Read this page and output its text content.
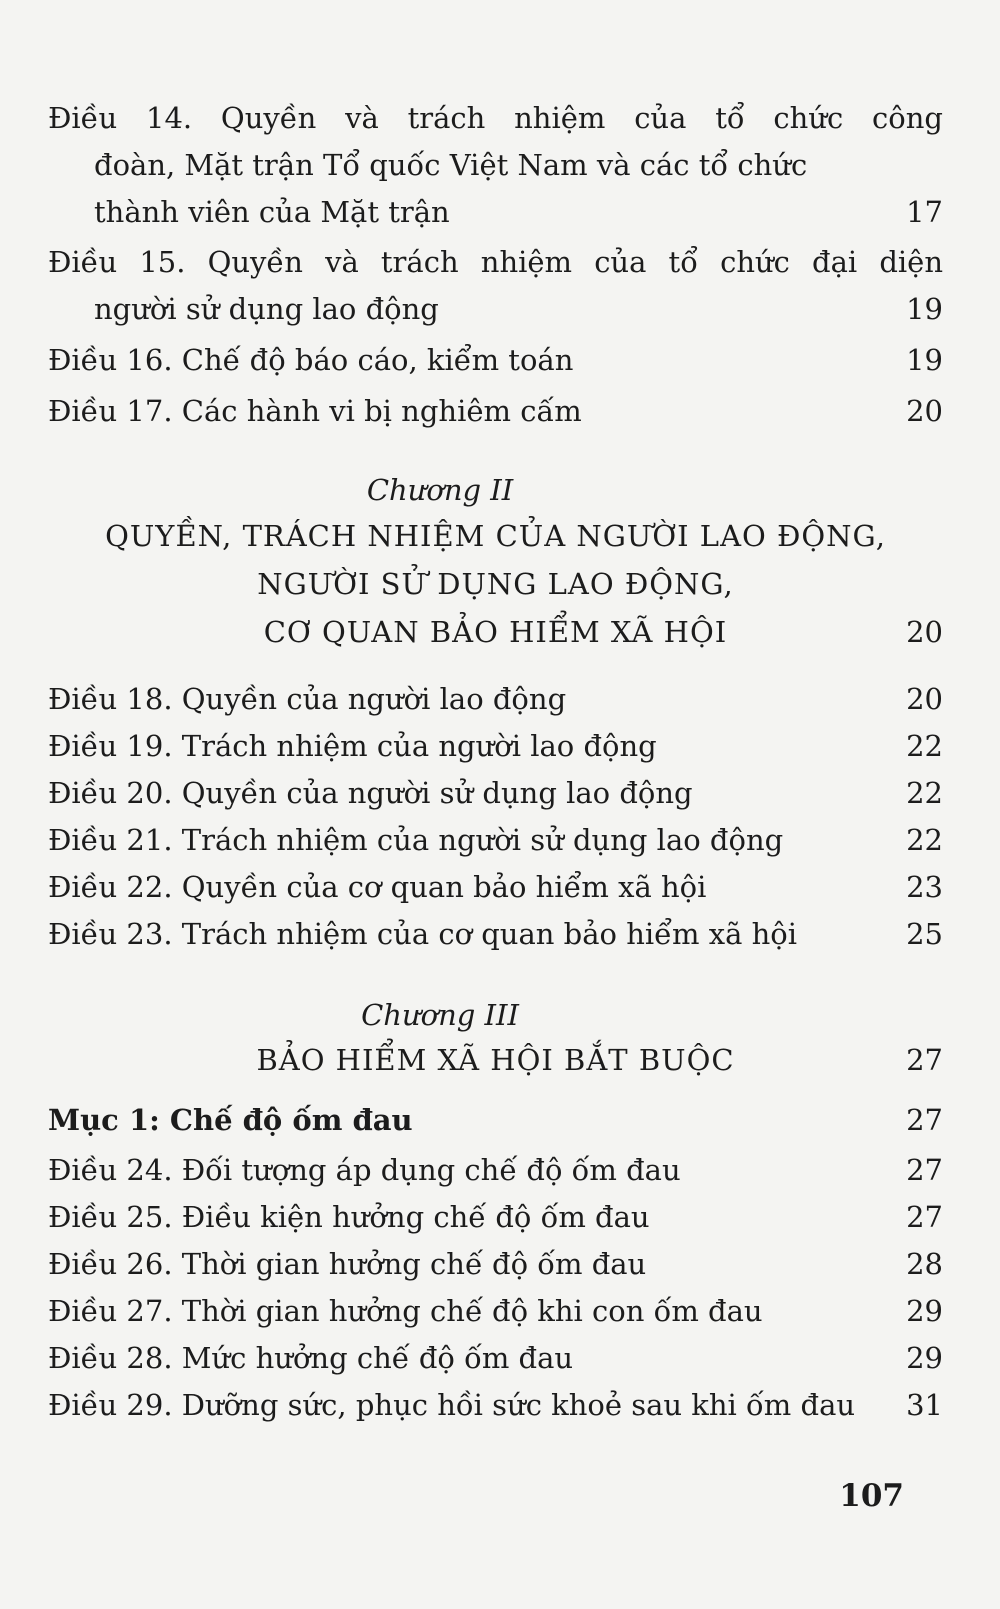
Điều 14. Quyền và trách nhiệm của tổ chức công
đoàn, Mặt trận Tổ quốc Việt Nam và các tổ chức
thành viên của Mặt trận	17
Điều 15. Quyền và trách nhiệm của tổ chức đại diện
người sử dụng lao động	19
Điều 16. Chế độ báo cáo, kiểm toán	19
Điều 17. Các hành vi bị nghiêm cấm	20
Chương II
QUYỀN, TRÁCH NHIỆM CỦA NGƯỜI LAO ĐỘNG,
NGƯỜI SỬ DỤNG LAO ĐỘNG,
CƠ QUAN BẢO HIỂM XÃ HỘI	20
Điều 18. Quyền của người lao động	20
Điều 19. Trách nhiệm của người lao động	22
Điều 20. Quyền của người sử dụng lao động	22
Điều 21. Trách nhiệm của người sử dụng lao động	22
Điều 22. Quyền của cơ quan bảo hiểm xã hội	23
Điều 23. Trách nhiệm của cơ quan bảo hiểm xã hội	25
Chương III
BẢO HIỂM XÃ HỘI BẮT BUỘC	27
Mục 1: Chế độ ốm đau	27
Điều 24. Đối tượng áp dụng chế độ ốm đau	27
Điều 25. Điều kiện hưởng chế độ ốm đau	27
Điều 26. Thời gian hưởng chế độ ốm đau	28
Điều 27. Thời gian hưởng chế độ khi con ốm đau	29
Điều 28. Mức hưởng chế độ ốm đau	29
Điều 29. Dưỡng sức, phục hồi sức khoẻ sau khi ốm đau	31
107
